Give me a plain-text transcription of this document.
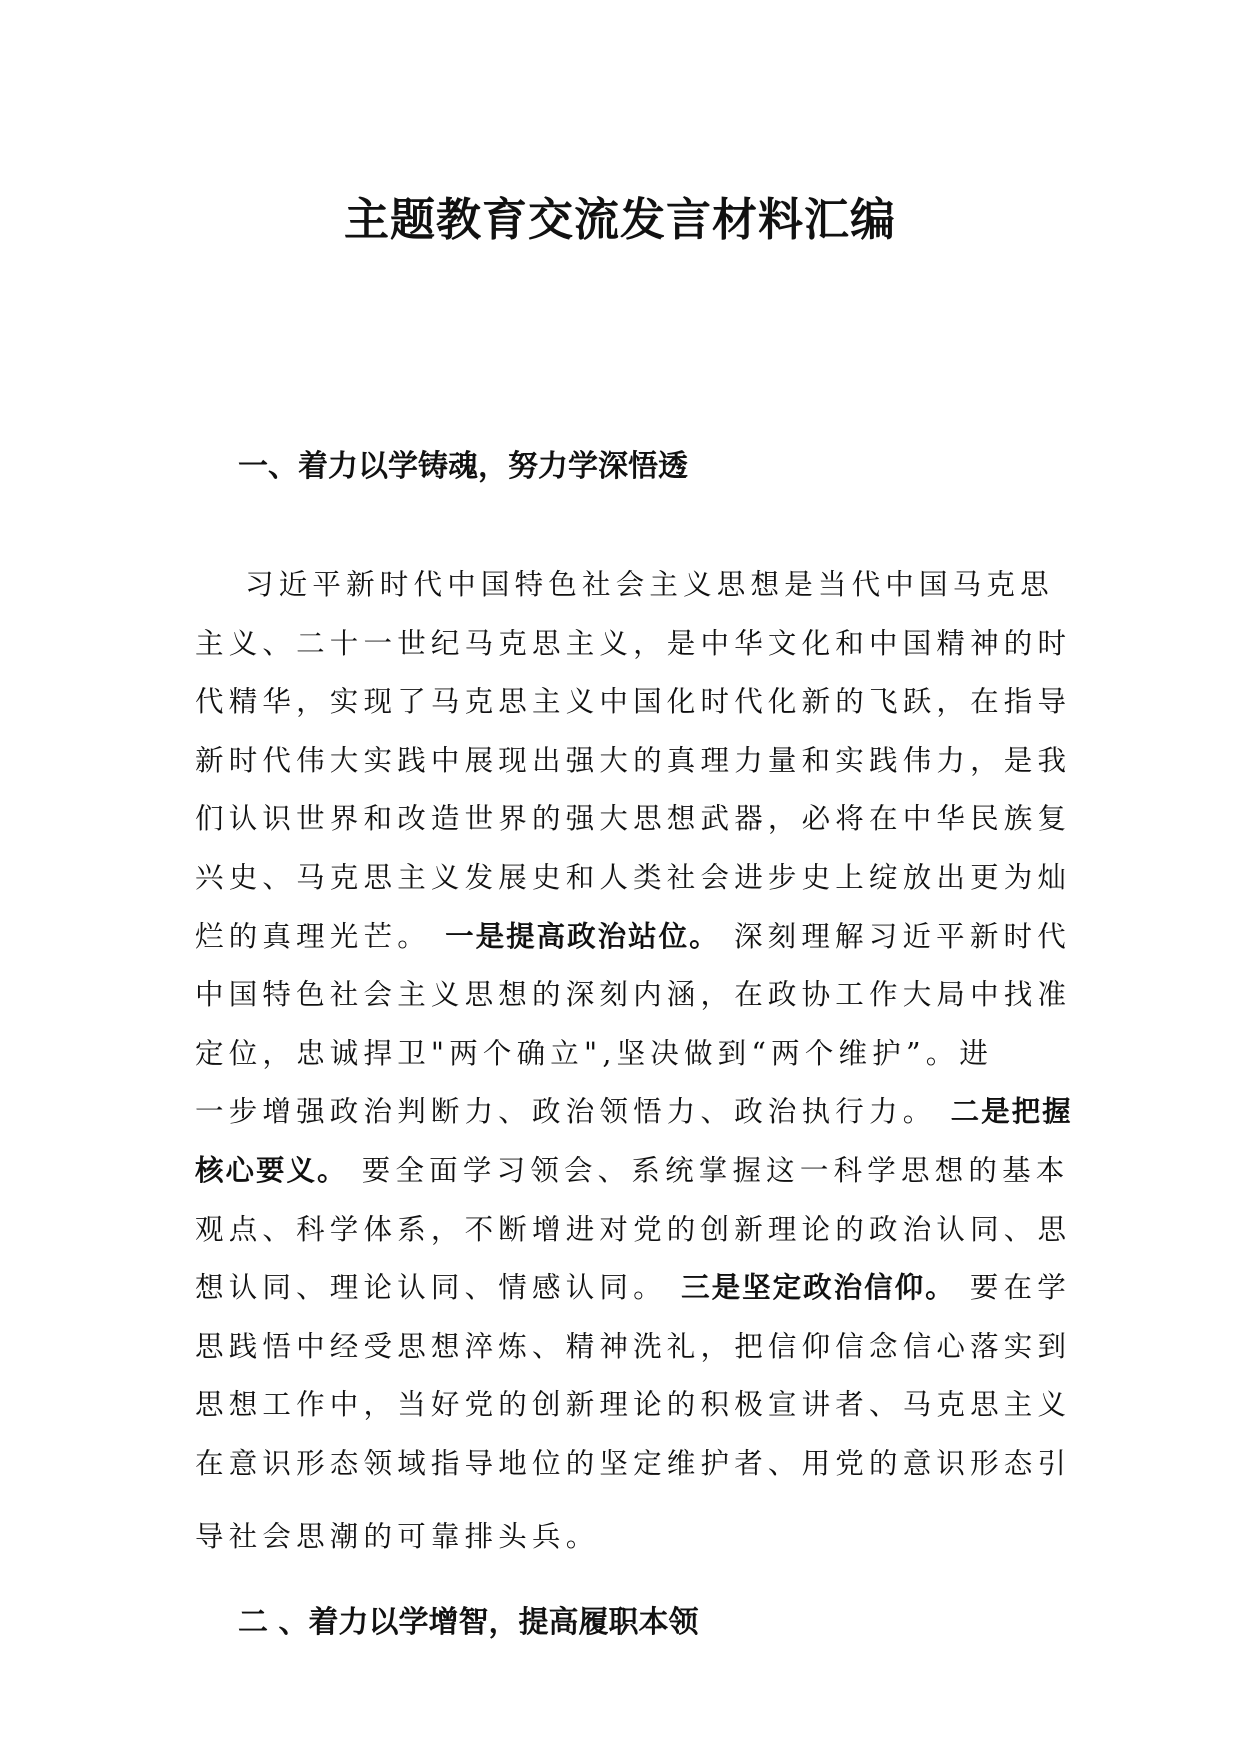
主题教育交流发言材料汇编
一、着力以学铸魂，努力学深悟透
习近平新时代中国特色社会主义思想是当代中国马克思
主义、二十一世纪马克思主义，是中华文化和中国精神的时
代精华，实现了马克思主义中国化时代化新的飞跃，在指导
新时代伟大实践中展现出强大的真理力量和实践伟力，是我
们认识世界和改造世界的强大思想武器，必将在中华民族复
兴史、马克思主义发展史和人类社会进步史上绽放出更为灿
烂的真理光芒。 一是提高政治站位。 深刻理解习近平新时代
中国特色社会主义思想的深刻内涵，在政协工作大局中找准
定位，忠诚捍卫"两个确立",坚决做到“两个维护”。进
一步增强政治判断力、政治领悟力、政治执行力。 二是把握
核心要义。 要全面学习领会、系统掌握这一科学思想的基本
观点、科学体系，不断增进对党的创新理论的政治认同、思
想认同、理论认同、情感认同。 三是坚定政治信仰。 要在学
思践悟中经受思想淬炼、精神洗礼，把信仰信念信心落实到
思想工作中，当好党的创新理论的积极宣讲者、马克思主义
在意识形态领域指导地位的坚定维护者、用党的意识形态引
导社会思潮的可靠排头兵。
二 、着力以学增智，提高履职本领
